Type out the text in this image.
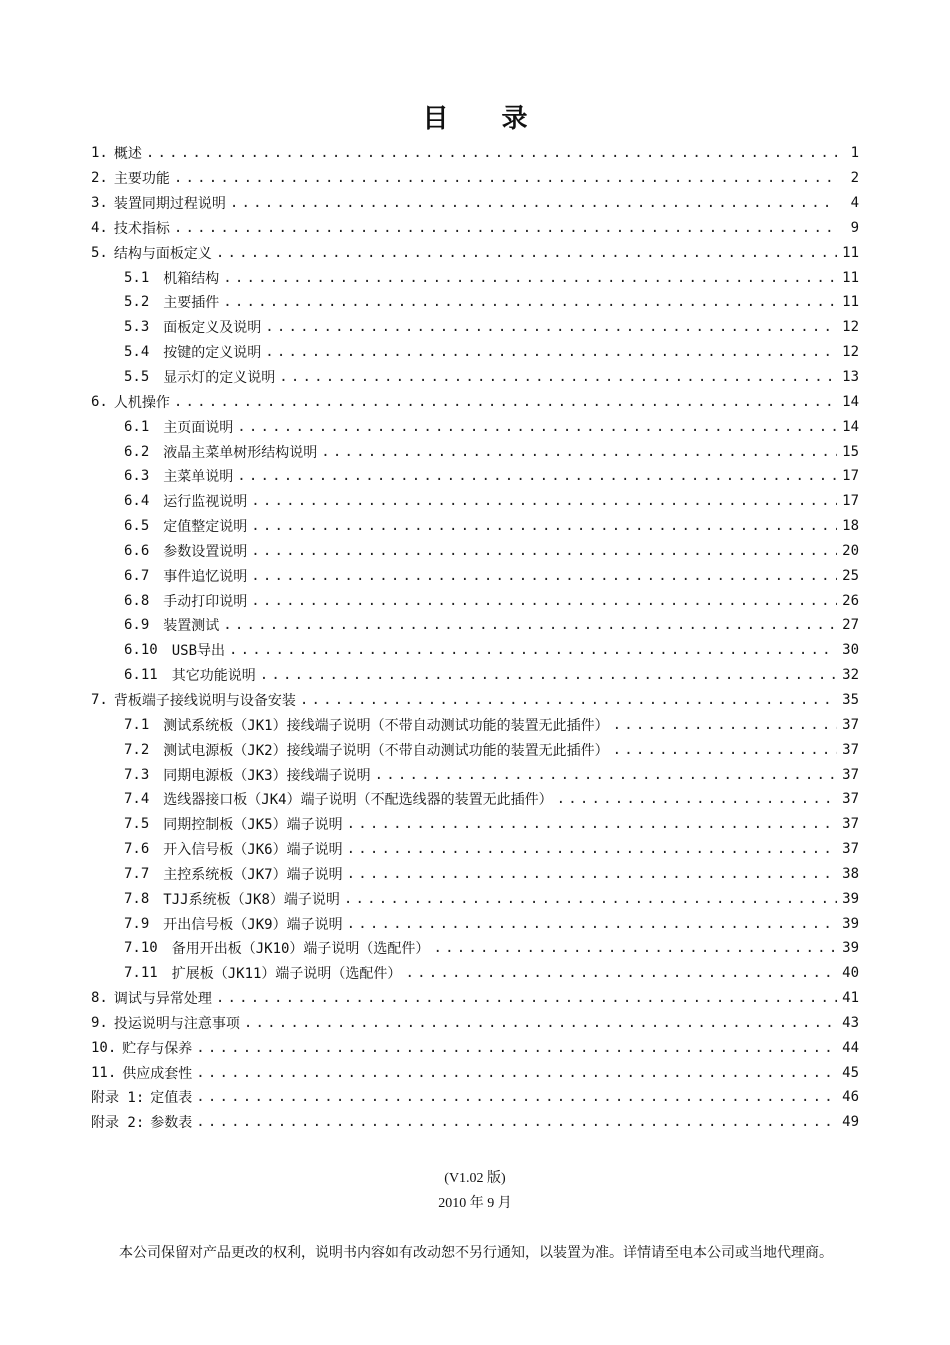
目 录
1. 概述 .....	1
2. 主要功能 .....	2
3. 装置同期过程说明 .....	4
4. 技术指标 .....	9
5. 结构与面板定义 .....	11
5.1 机箱结构 .....	11
5.2 主要插件 .....	11
5.3 面板定义及说明 .....	12
5.4 按键的定义说明 .....	12
5.5 显示灯的定义说明 .....	13
6. 人机操作 .....	14
6.1 主页面说明 .....	14
6.2 液晶主菜单树形结构说明 .....	15
6.3 主菜单说明 .....	17
6.4 运行监视说明 .....	17
6.5 定值整定说明 .....	18
6.6 参数设置说明 .....	20
6.7 事件追忆说明 .....	25
6.8 手动打印说明 .....	26
6.9 装置测试 .....	27
6.10 USB导出 .....	30
6.11 其它功能说明 .....	32
7. 背板端子接线说明与设备安装 .....	35
7.1 测试系统板（JK1）接线端子说明（不带自动测试功能的装置无此插件） .....	37
7.2 测试电源板（JK2）接线端子说明（不带自动测试功能的装置无此插件） .....	37
7.3 同期电源板（JK3）接线端子说明 .....	37
7.4 选线器接口板（JK4）端子说明（不配选线器的装置无此插件） .....	37
7.5 同期控制板（JK5）端子说明 .....	37
7.6 开入信号板（JK6）端子说明 .....	37
7.7 主控系统板（JK7）端子说明 .....	38
7.8 TJJ系统板（JK8）端子说明 .....	39
7.9 开出信号板（JK9）端子说明 .....	39
7.10 备用开出板（JK10）端子说明（选配件） .....	39
7.11 扩展板（JK11）端子说明（选配件） .....	40
8. 调试与异常处理 .....	41
9. 投运说明与注意事项 .....	43
10. 贮存与保养 .....	44
11. 供应成套性 .....	45
附录 1: 定值表 .....	46
附录 2: 参数表 .....	49
(V1.02 版)
2010 年 9 月
本公司保留对产品更改的权利，说明书内容如有改动恕不另行通知，以装置为准。详情请至电本公司或当地代理商。
